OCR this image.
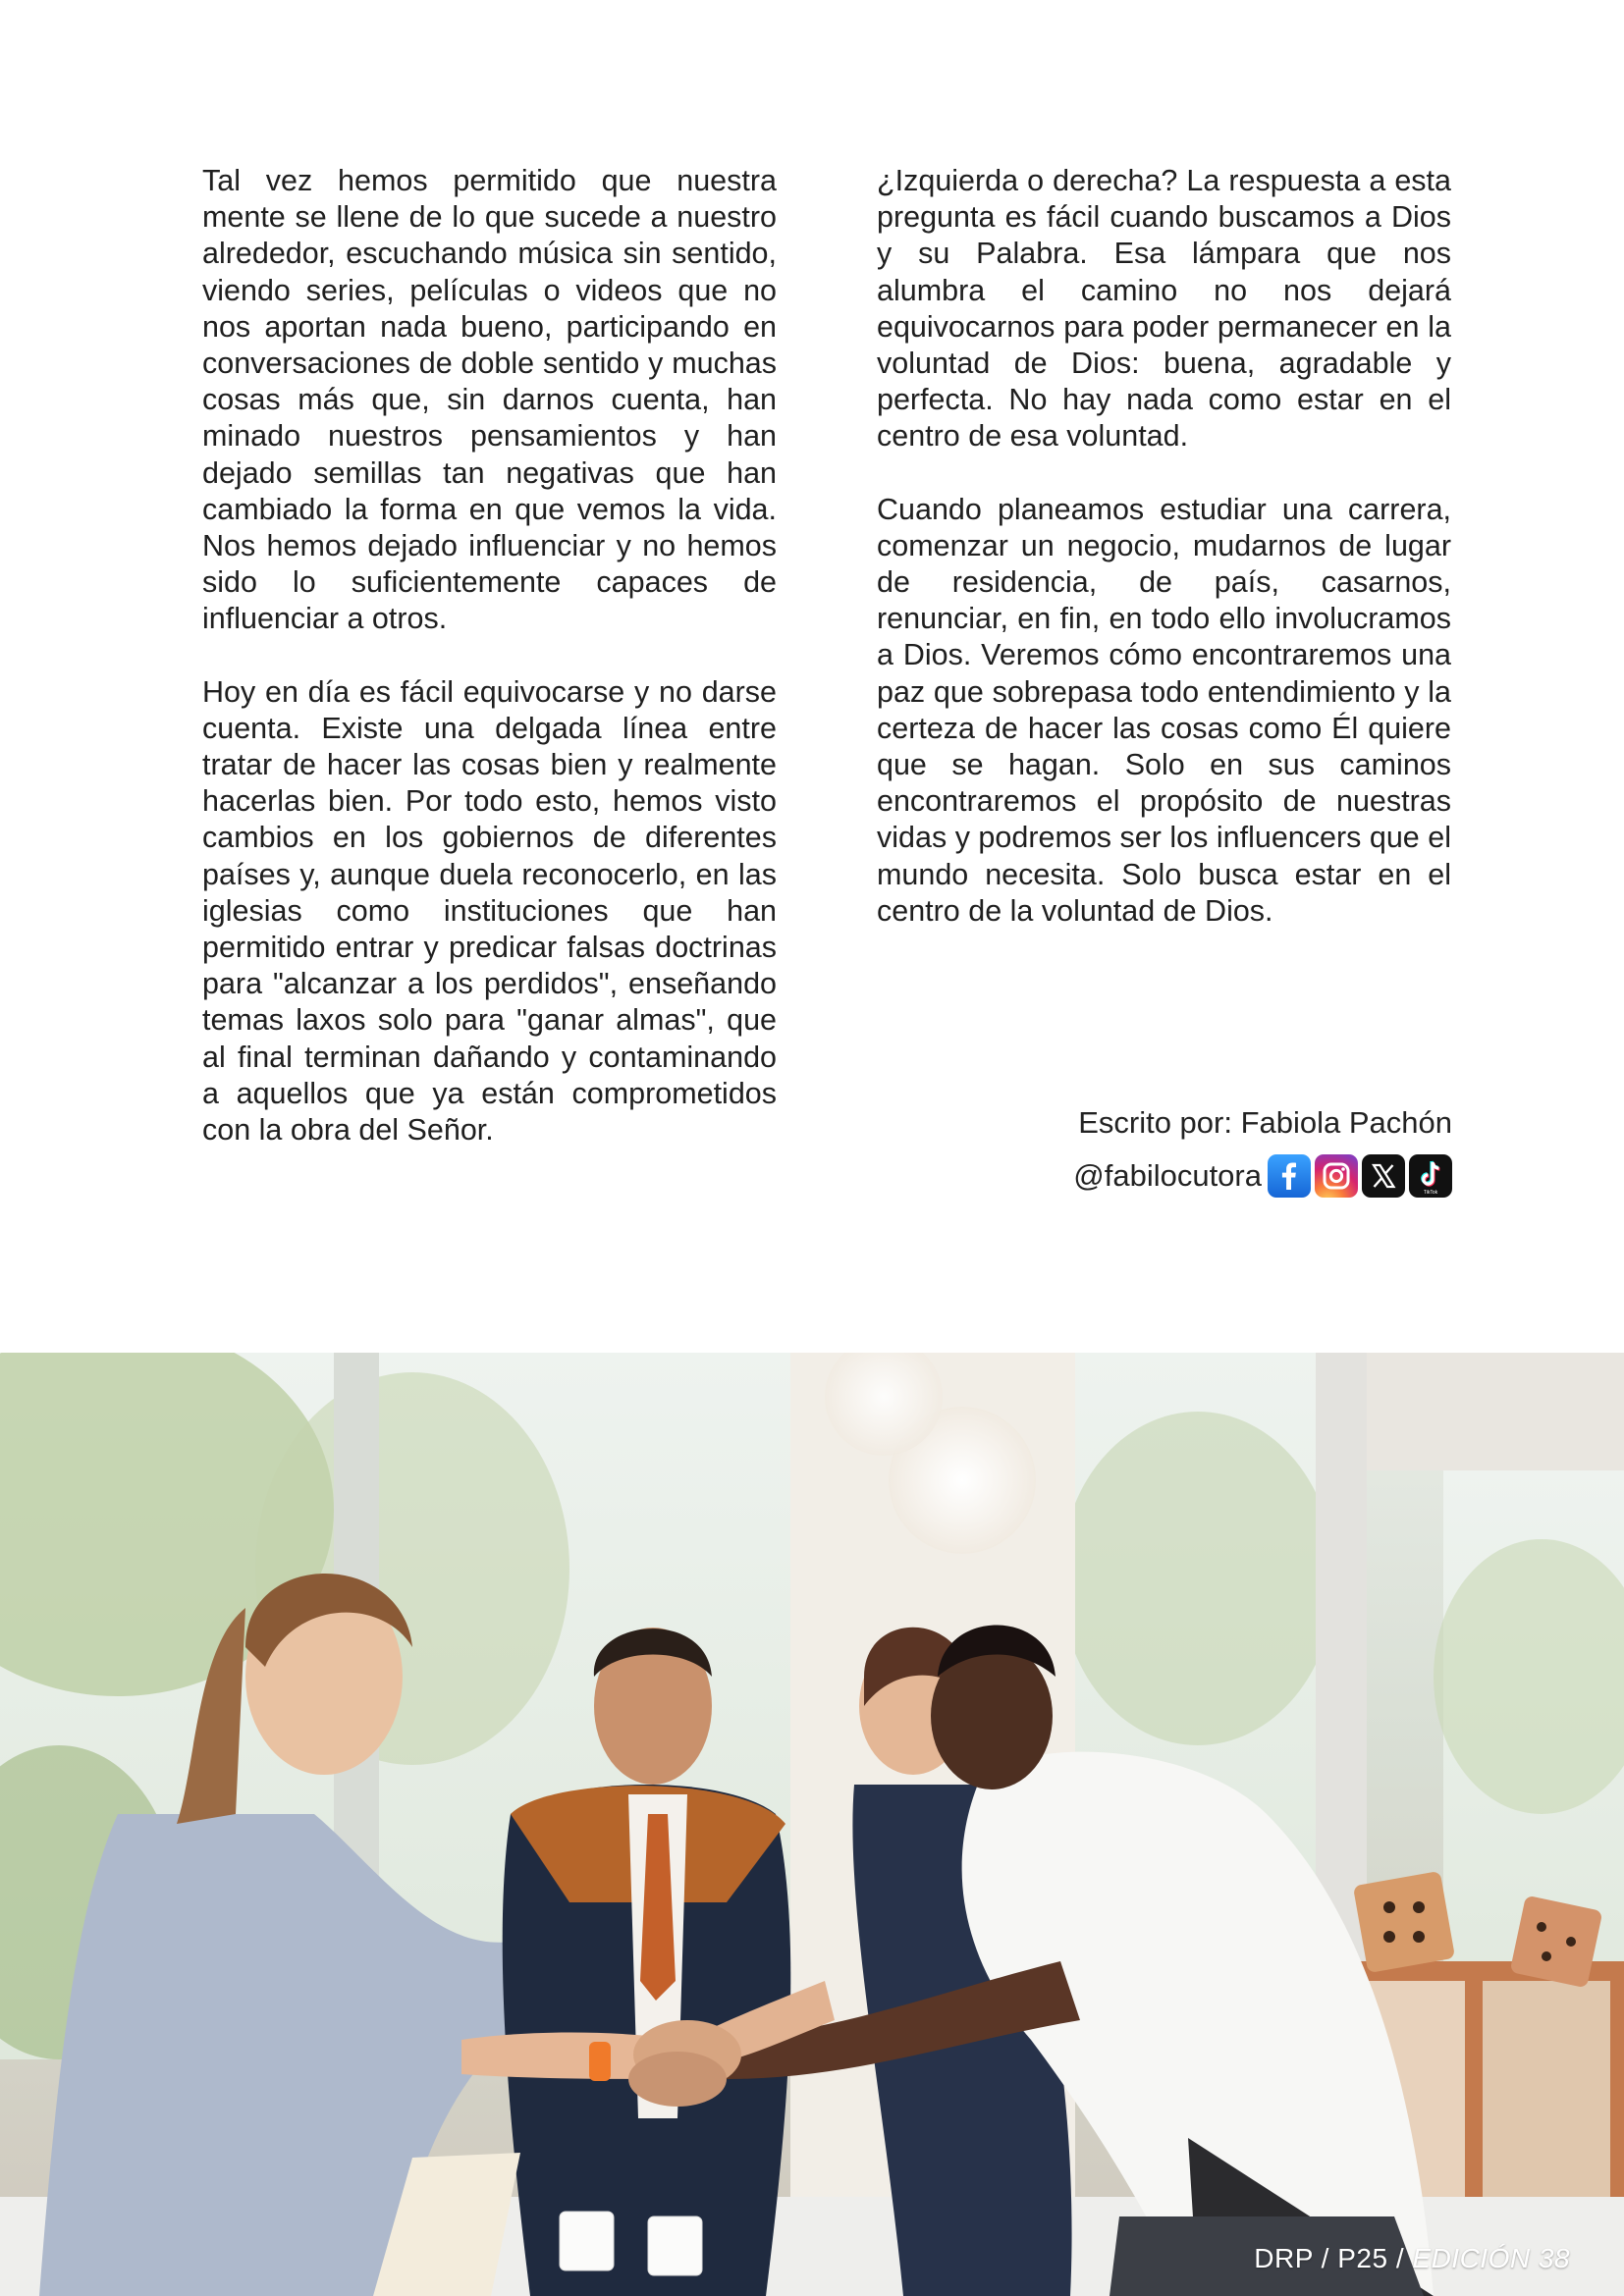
Tal vez hemos permitido que nuestra mente se llene de lo que sucede a nuestro alrededor, escuchando música sin sentido, viendo series, películas o videos que no nos aportan nada bueno, participando en conversaciones de doble sentido y muchas cosas más que, sin darnos cuenta, han minado nuestros pensamientos y han dejado semillas tan negativas que han cambiado la forma en que vemos la vida. Nos hemos dejado influenciar y no hemos sido lo suficientemente capaces de influenciar a otros.

Hoy en día es fácil equivocarse y no darse cuenta. Existe una delgada línea entre tratar de hacer las cosas bien y realmente hacerlas bien. Por todo esto, hemos visto cambios en los gobiernos de diferentes países y, aunque duela reconocerlo, en las iglesias como instituciones que han permitido entrar y predicar falsas doctrinas para "alcanzar a los perdidos", enseñando temas laxos solo para "ganar almas", que al final terminan dañando y contaminando a aquellos que ya están comprometidos con la obra del Señor.

¿Izquierda o derecha? La respuesta a esta pregunta es fácil cuando buscamos a Dios y su Palabra. Esa lámpara que nos alumbra el camino no nos dejará equivocarnos para poder permanecer en la voluntad de Dios: buena, agradable y perfecta. No hay nada como estar en el centro de esa voluntad.

Cuando planeamos estudiar una carrera, comenzar un negocio, mudarnos de lugar de residencia, de país, casarnos, renunciar, en fin, en todo ello involucramos a Dios. Veremos cómo encontraremos una paz que sobrepasa todo entendimiento y la certeza de hacer las cosas como Él quiere que se hagan. Solo en sus caminos encontraremos el propósito de nuestras vidas y podremos ser los influencers que el mundo necesita. Solo busca estar en el centro de la voluntad de Dios.

Escrito por: Fabiola Pachón
@fabilocutora	TikTok
DRP / P25 / EDICIÓN 38
